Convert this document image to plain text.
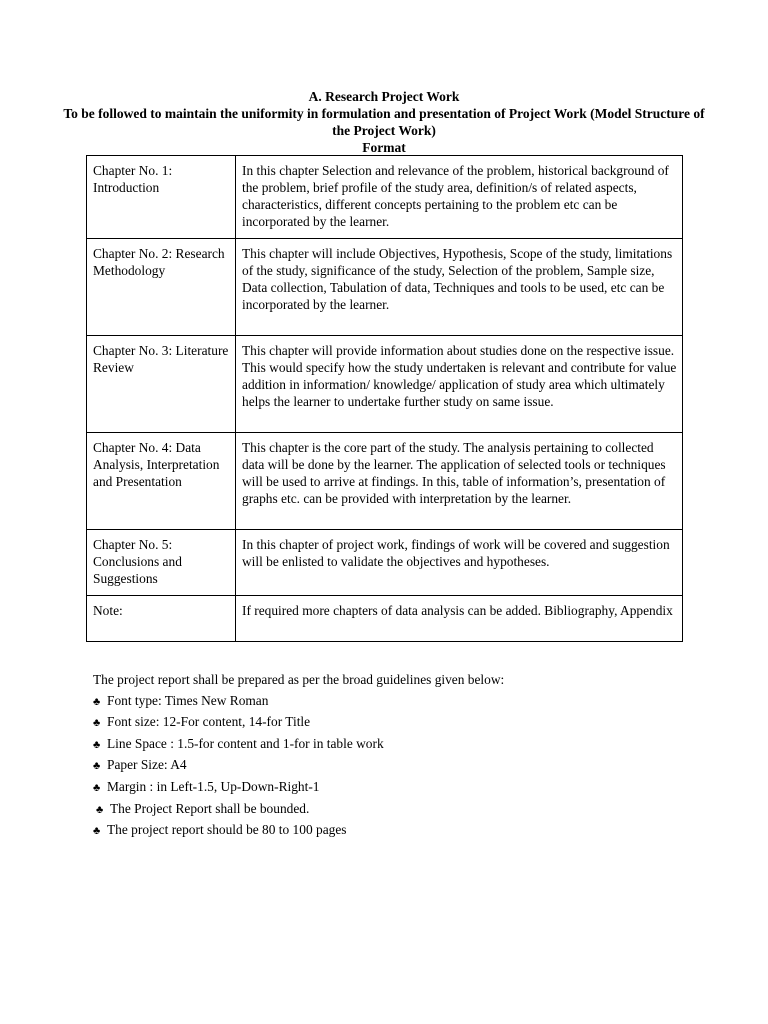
A. Research Project Work
To be followed to maintain the uniformity in formulation and presentation of Project Work (Model Structure of the Project Work)
Format
Chapter No. 1: Introduction	In this chapter Selection and relevance of the problem, historical background of the problem, brief profile of the study area, definition/s of related aspects, characteristics, different concepts pertaining to the problem etc can be incorporated by the learner.
Chapter No. 2: Research Methodology	This chapter will include Objectives, Hypothesis, Scope of the study, limitations of the study, significance of the study, Selection of the problem, Sample size, Data collection, Tabulation of data, Techniques and tools to be used, etc can be incorporated by the learner.
Chapter No. 3: Literature Review	This chapter will provide information about studies done on the respective issue. This would specify how the study undertaken is relevant and contribute for value addition in information/ knowledge/ application of study area which ultimately helps the learner to undertake further study on same issue.
Chapter No. 4: Data Analysis, Interpretation and Presentation	This chapter is the core part of the study. The analysis pertaining to collected data will be done by the learner. The application of selected tools or techniques will be used to arrive at findings. In this, table of information’s, presentation of graphs etc. can be provided with interpretation by the learner.
Chapter No. 5: Conclusions and Suggestions	In this chapter of project work, findings of work will be covered and suggestion will be enlisted to validate the objectives and hypotheses.
Note:	If required more chapters of data analysis can be added. Bibliography, Appendix
The project report shall be prepared as per the broad guidelines given below:
♣ Font type: Times New Roman
♣ Font size: 12-For content, 14-for Title
♣ Line Space : 1.5-for content and 1-for in table work
♣ Paper Size: A4
♣ Margin : in Left-1.5, Up-Down-Right-1
♣ The Project Report shall be bounded.
♣ The project report should be 80 to 100 pages
